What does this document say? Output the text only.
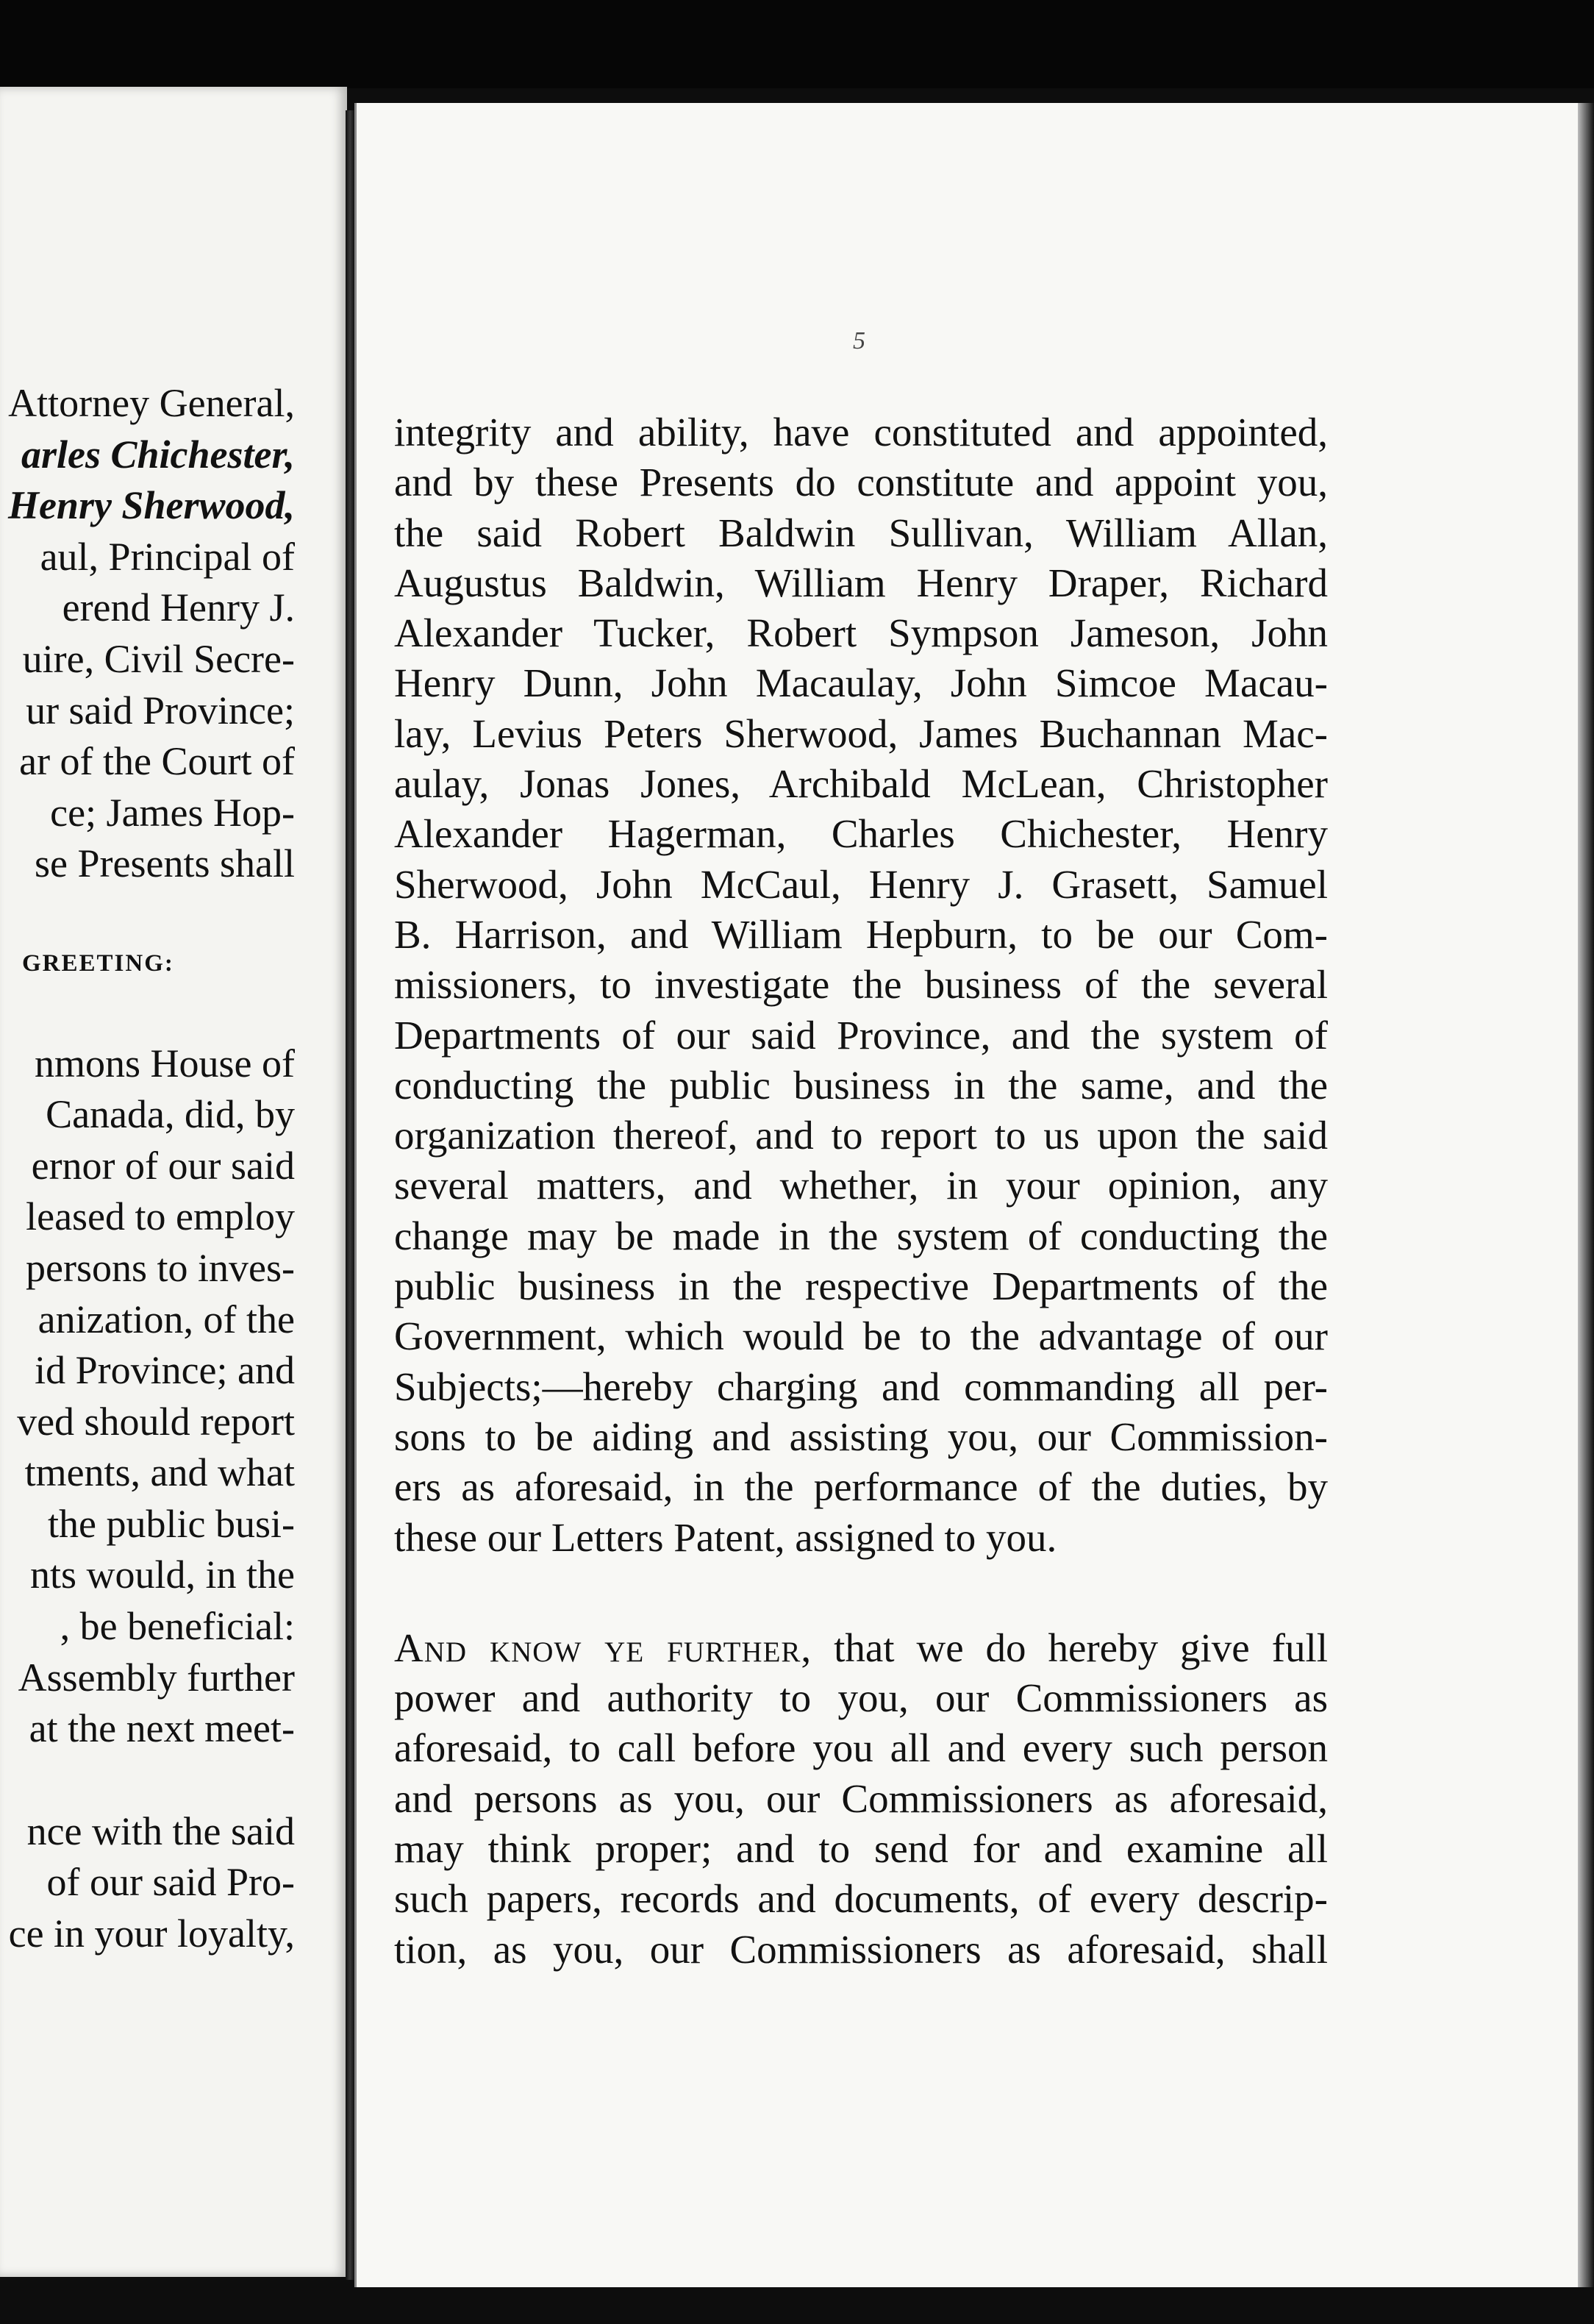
Attorney General,
arles Chichester,
Henry Sherwood,
aul, Principal of
erend Henry J.
uire, Civil Secre-
ur said Province;
ar of the Court of
ce; James Hop-
se Presents shall
GREETING:
nmons House of
Canada, did, by
ernor of our said
leased to employ
persons to inves-
anization, of the
id Province; and
ved should report
tments, and what
the public busi-
nts would, in the
, be beneficial:
Assembly further
at the next meet-
nce with the said
of our said Pro-
ce in your loyalty,
5
integrity and ability, have constituted and appointed,
and by these Presents do constitute and appoint you,
the said Robert Baldwin Sullivan, William Allan,
Augustus Baldwin, William Henry Draper, Richard
Alexander Tucker, Robert Sympson Jameson, John
Henry Dunn, John Macaulay, John Simcoe Macau-
lay, Levius Peters Sherwood, James Buchannan Mac-
aulay, Jonas Jones, Archibald McLean, Christopher
Alexander Hagerman, Charles Chichester, Henry
Sherwood, John McCaul, Henry J. Grasett, Samuel
B. Harrison, and William Hepburn, to be our Com-
missioners, to investigate the business of the several
Departments of our said Province, and the system of
conducting the public business in the same, and the
organization thereof, and to report to us upon the said
several matters, and whether, in your opinion, any
change may be made in the system of conducting the
public business in the respective Departments of the
Government, which would be to the advantage of our
Subjects;—hereby charging and commanding all per-
sons to be aiding and assisting you, our Commission-
ers as aforesaid, in the performance of the duties, by
these our Letters Patent, assigned to you.
And know ye further, that we do hereby give full
power and authority to you, our Commissioners as
aforesaid, to call before you all and every such person
and persons as you, our Commissioners as aforesaid,
may think proper; and to send for and examine all
such papers, records and documents, of every descrip-
tion, as you, our Commissioners as aforesaid, shall
